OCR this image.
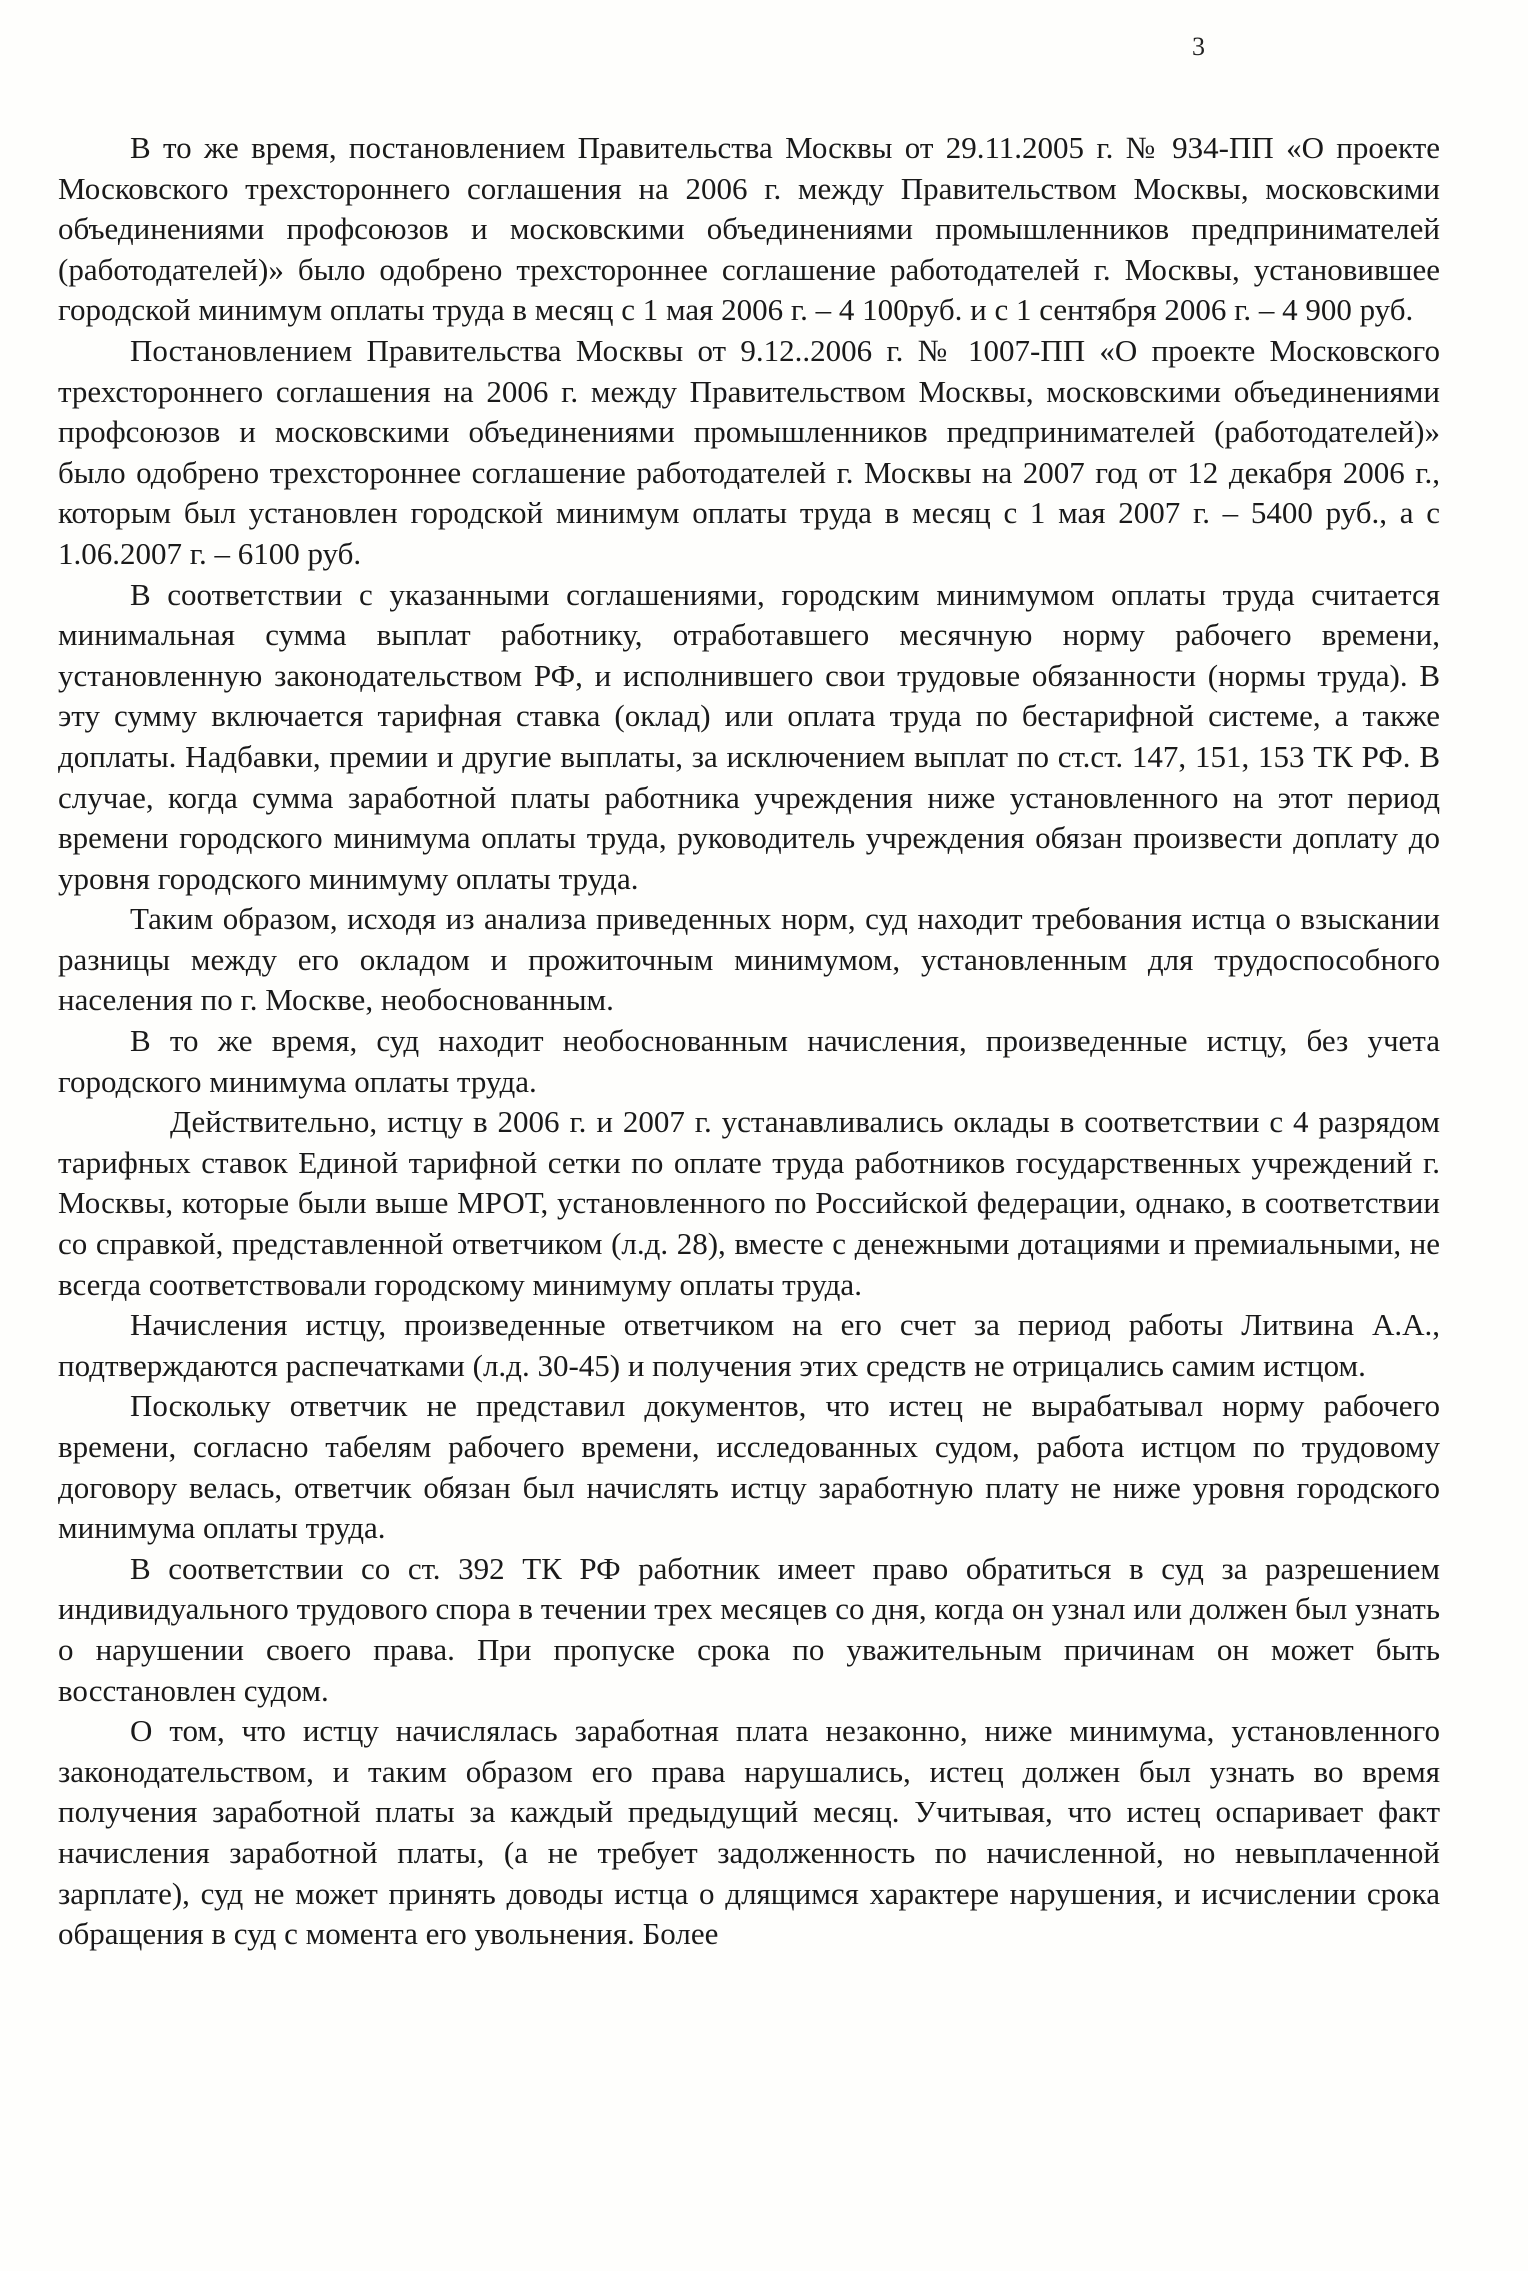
3

В то же время, постановлением Правительства Москвы от 29.11.2005 г. № 934-ПП «О проекте Московского трехстороннего соглашения на 2006 г. между Правительством Москвы, московскими объединениями профсоюзов и московскими объединениями промышленников предпринимателей (работодателей)» было одобрено трехстороннее соглашение работодателей г. Москвы, установившее городской минимум оплаты труда в месяц с 1 мая 2006 г. – 4 100руб. и с 1 сентября 2006 г. – 4 900 руб.

Постановлением Правительства Москвы от 9.12..2006 г. № 1007-ПП «О проекте Московского трехстороннего соглашения на 2006 г. между Правительством Москвы, московскими объединениями профсоюзов и московскими объединениями промышленников предпринимателей (работодателей)» было одобрено трехстороннее соглашение работодателей г. Москвы на 2007 год от 12 декабря 2006 г., которым был установлен городской минимум оплаты труда в месяц с 1 мая 2007 г. – 5400 руб., а с 1.06.2007 г. – 6100 руб.

В соответствии с указанными соглашениями, городским минимумом оплаты труда считается минимальная сумма выплат работнику, отработавшего месячную норму рабочего времени, установленную законодательством РФ, и исполнившего свои трудовые обязанности (нормы труда). В эту сумму включается тарифная ставка (оклад) или оплата труда по бестарифной системе, а также доплаты. Надбавки, премии и другие выплаты, за исключением выплат по ст.ст. 147, 151, 153 ТК РФ. В случае, когда сумма заработной платы работника учреждения ниже установленного на этот период времени городского минимума оплаты труда, руководитель учреждения обязан произвести доплату до уровня городского минимуму оплаты труда.

Таким образом, исходя из анализа приведенных норм, суд находит требования истца о взыскании разницы между его окладом и прожиточным минимумом, установленным для трудоспособного населения по г. Москве, необоснованным.

В то же время, суд находит необоснованным начисления, произведенные истцу, без учета городского минимума оплаты труда.

Действительно, истцу в 2006 г. и 2007 г. устанавливались оклады в соответствии с 4 разрядом тарифных ставок Единой тарифной сетки по оплате труда работников государственных учреждений г. Москвы, которые были выше МРОТ, установленного по Российской федерации, однако, в соответствии со справкой, представленной ответчиком (л.д. 28), вместе с денежными дотациями и премиальными, не всегда соответствовали городскому минимуму оплаты труда.

Начисления истцу, произведенные ответчиком на его счет за период работы Литвина А.А., подтверждаются распечатками (л.д. 30-45) и получения этих средств не отрицались самим истцом.

Поскольку ответчик не представил документов, что истец не вырабатывал норму рабочего времени, согласно табелям рабочего времени, исследованных судом, работа истцом по трудовому договору велась, ответчик обязан был начислять истцу заработную плату не ниже уровня городского минимума оплаты труда.

В соответствии со ст. 392 ТК РФ работник имеет право обратиться в суд за разрешением индивидуального трудового спора в течении трех месяцев со дня, когда он узнал или должен был узнать о нарушении своего права. При пропуске срока по уважительным причинам он может быть восстановлен судом.

О том, что истцу начислялась заработная плата незаконно, ниже минимума, установленного законодательством, и таким образом его права нарушались, истец должен был узнать во время получения заработной платы за каждый предыдущий месяц. Учитывая, что истец оспаривает факт начисления заработной платы, (а не требует задолженность по начисленной, но невыплаченной зарплате), суд не может принять доводы истца о длящимся характере нарушения, и исчислении срока обращения в суд с момента его увольнения. Более
